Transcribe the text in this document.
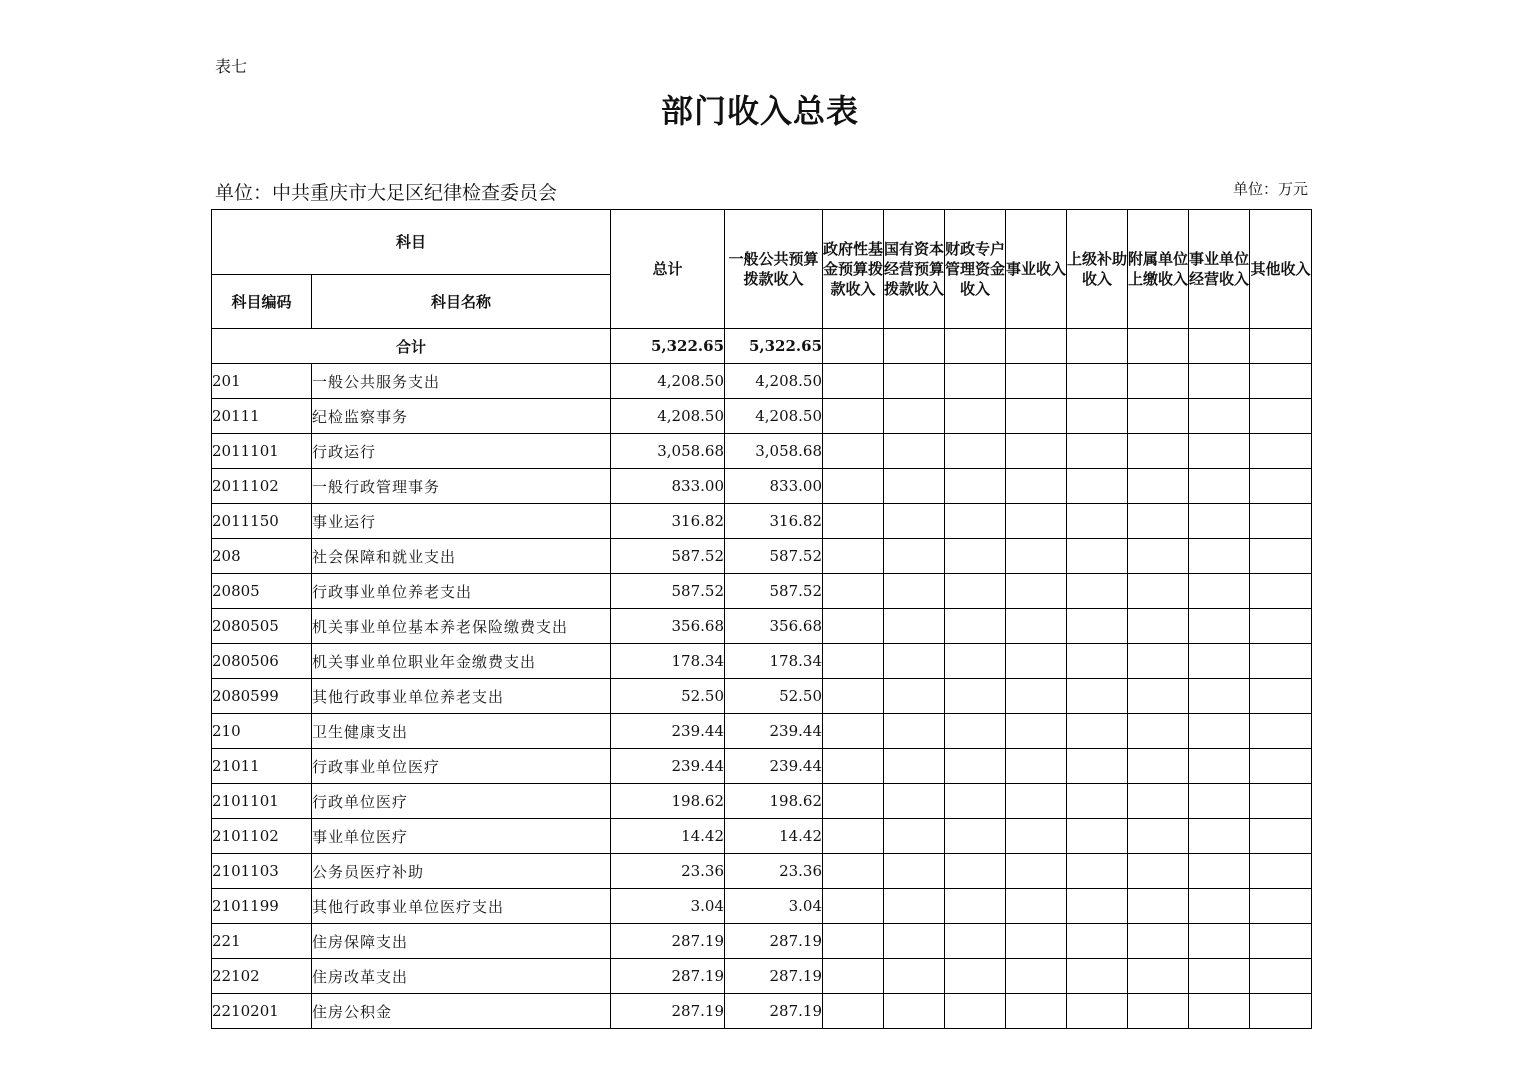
表七
部门收入总表
单位：中共重庆市大足区纪律检查委员会	单位：万元
科目		总计	一般公共预算拨款收入	政府性基金预算拨款收入	国有资本经营预算拨款收入	财政专户管理资金收入	事业收入	上级补助收入	附属单位上缴收入	事业单位经营收入	其他收入
科目编码	科目名称										
合计		5,322.65	5,322.65								
201	一般公共服务支出	4,208.50	4,208.50								
20111	纪检监察事务	4,208.50	4,208.50								
2011101	行政运行	3,058.68	3,058.68								
2011102	一般行政管理事务	833.00	833.00								
2011150	事业运行	316.82	316.82								
208	社会保障和就业支出	587.52	587.52								
20805	行政事业单位养老支出	587.52	587.52								
2080505	机关事业单位基本养老保险缴费支出	356.68	356.68								
2080506	机关事业单位职业年金缴费支出	178.34	178.34								
2080599	其他行政事业单位养老支出	52.50	52.50								
210	卫生健康支出	239.44	239.44								
21011	行政事业单位医疗	239.44	239.44								
2101101	行政单位医疗	198.62	198.62								
2101102	事业单位医疗	14.42	14.42								
2101103	公务员医疗补助	23.36	23.36								
2101199	其他行政事业单位医疗支出	3.04	3.04								
221	住房保障支出	287.19	287.19								
22102	住房改革支出	287.19	287.19								
2210201	住房公积金	287.19	287.19								
